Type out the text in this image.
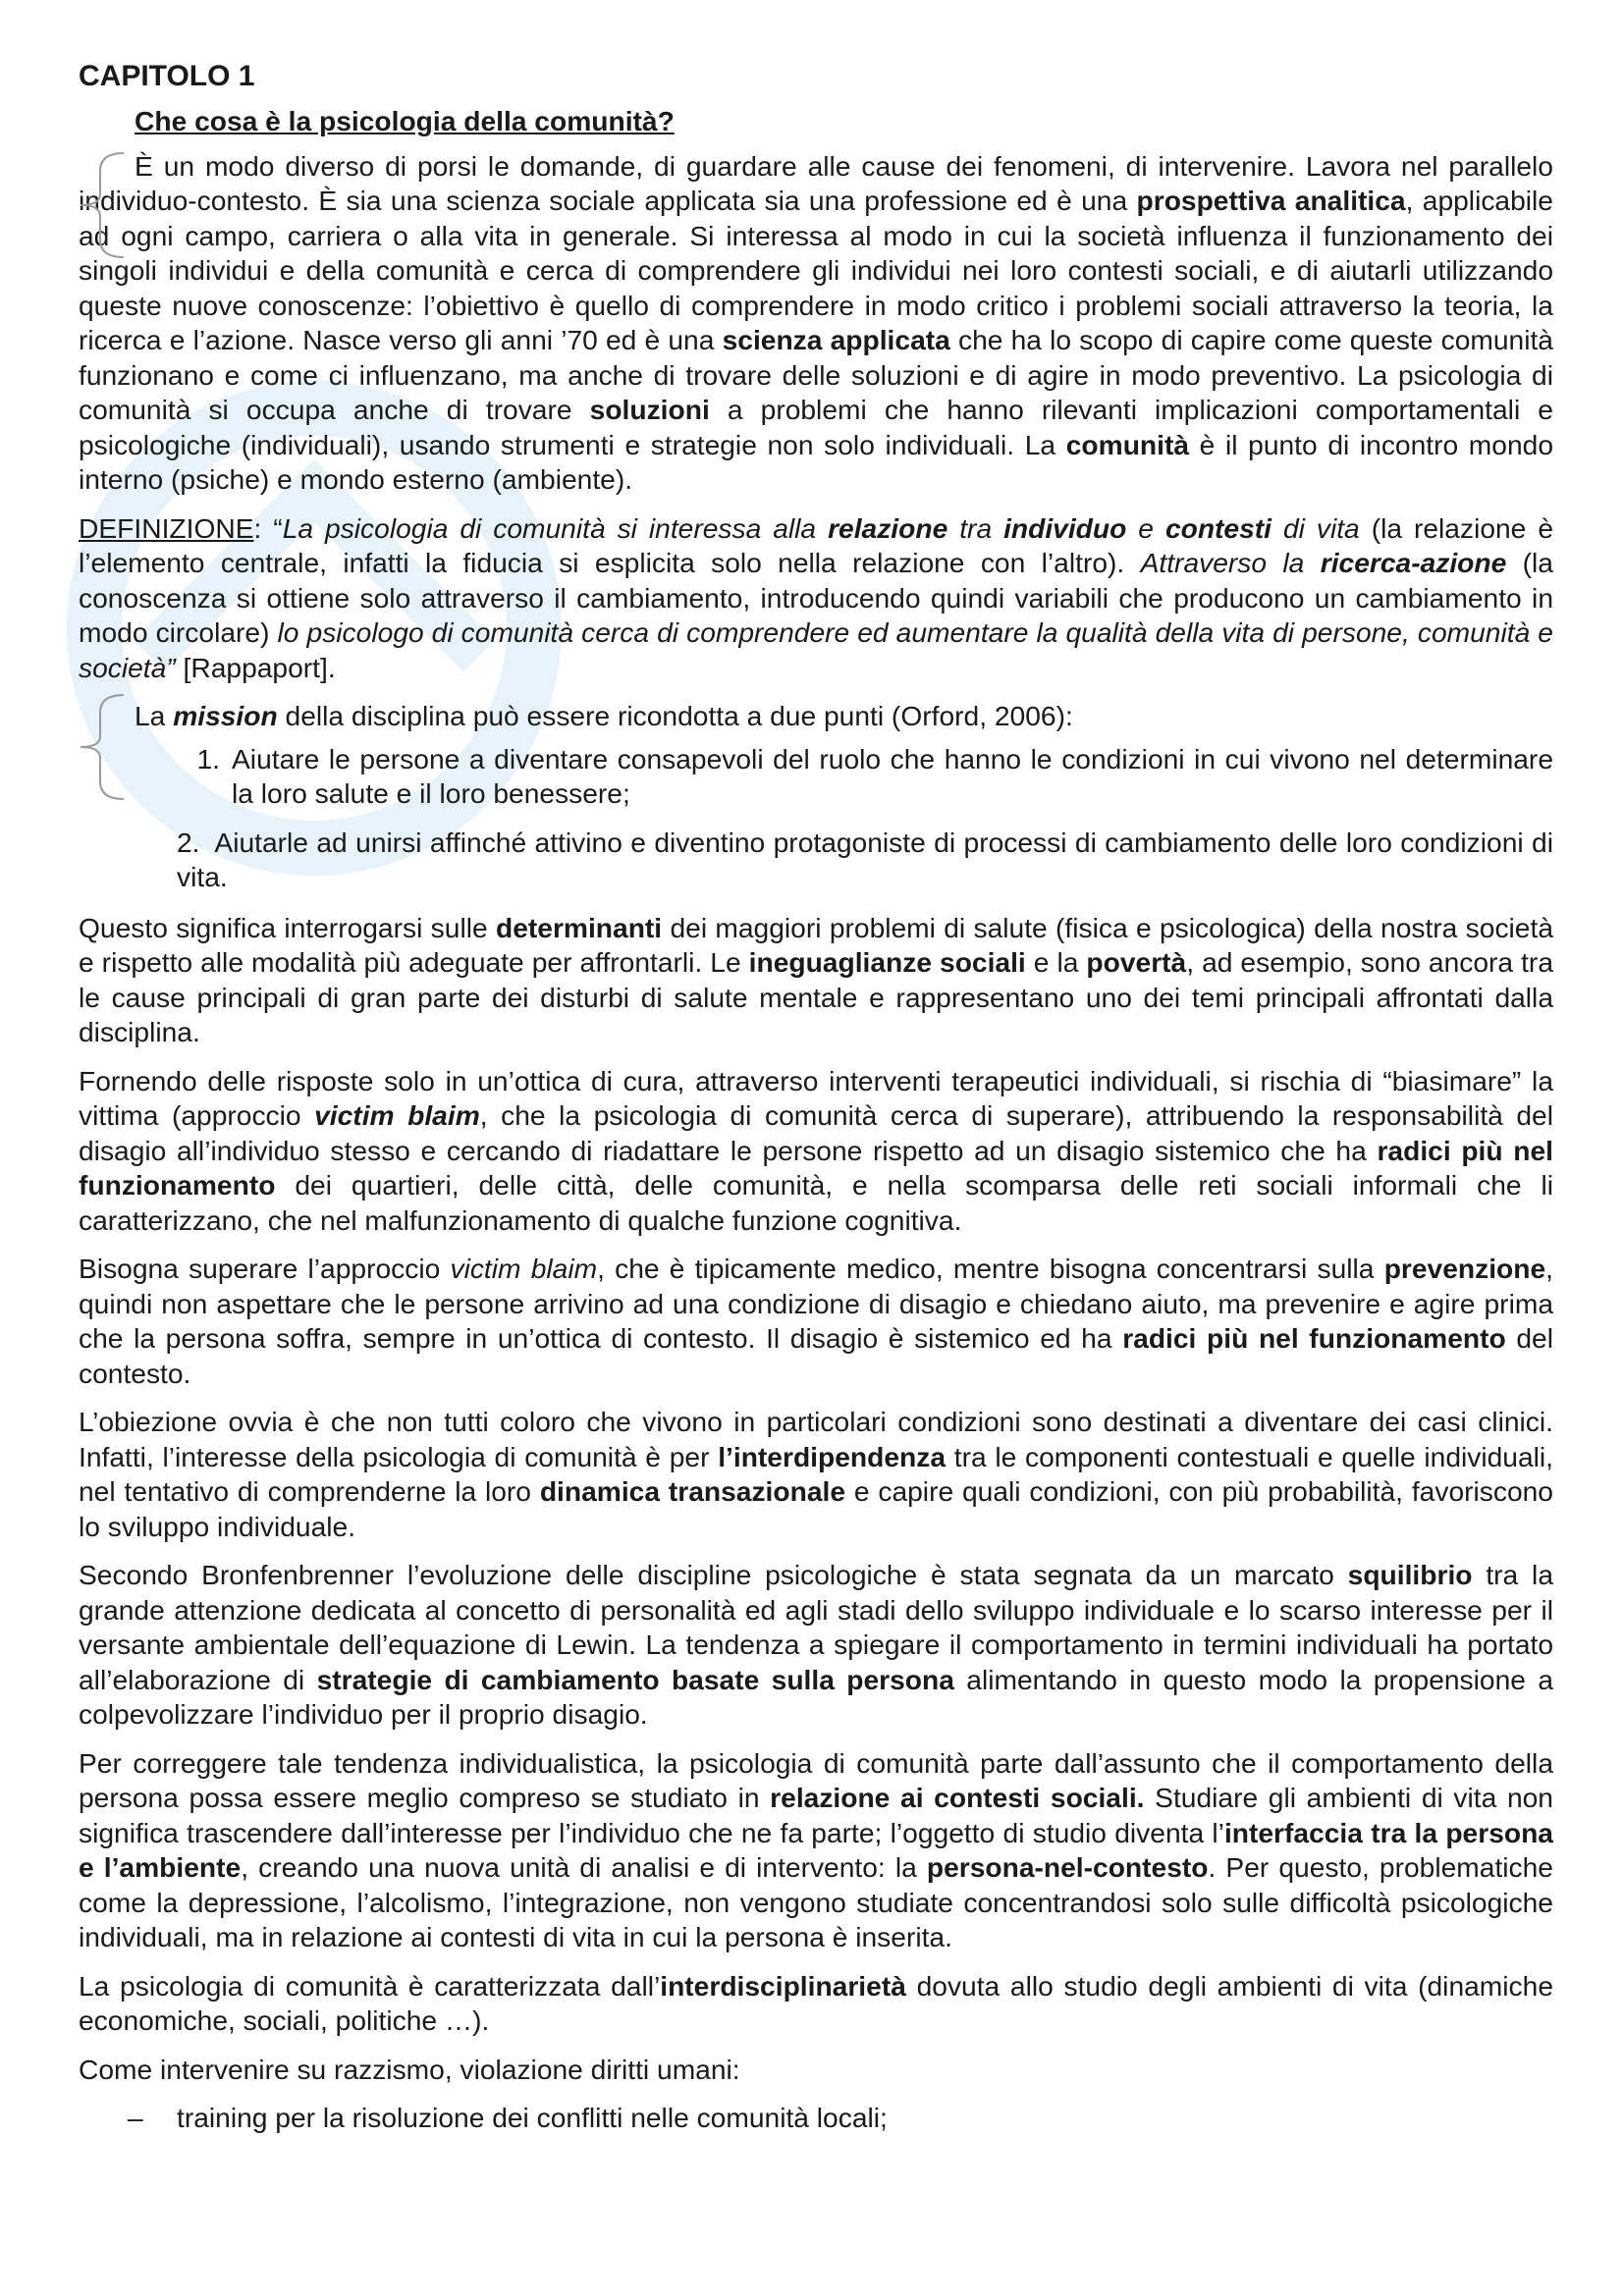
CAPITOLO 1
Che cosa è la psicologia della comunità?

È un modo diverso di porsi le domande, di guardare alle cause dei fenomeni, di intervenire. Lavora nel parallelo individuo-contesto. È sia una scienza sociale applicata sia una professione ed è una prospettiva analitica, applicabile ad ogni campo, carriera o alla vita in generale. Si interessa al modo in cui la società influenza il funzionamento dei singoli individui e della comunità e cerca di comprendere gli individui nei loro contesti sociali, e di aiutarli utilizzando queste nuove conoscenze: l’obiettivo è quello di comprendere in modo critico i problemi sociali attraverso la teoria, la ricerca e l’azione. Nasce verso gli anni ’70 ed è una scienza applicata che ha lo scopo di capire come queste comunità funzionano e come ci influenzano, ma anche di trovare delle soluzioni e di agire in modo preventivo. La psicologia di comunità si occupa anche di trovare soluzioni a problemi che hanno rilevanti implicazioni comportamentali e psicologiche (individuali), usando strumenti e strategie non solo individuali. La comunità è il punto di incontro mondo interno (psiche) e mondo esterno (ambiente).

DEFINIZIONE: “La psicologia di comunità si interessa alla relazione tra individuo e contesti di vita (la relazione è l’elemento centrale, infatti la fiducia si esplicita solo nella relazione con l’altro). Attraverso la ricerca-azione (la conoscenza si ottiene solo attraverso il cambiamento, introducendo quindi variabili che producono un cambiamento in modo circolare) lo psicologo di comunità cerca di comprendere ed aumentare la qualità della vita di persone, comunità e società” [Rappaport].

La mission della disciplina può essere ricondotta a due punti (Orford, 2006):
1. Aiutare le persone a diventare consapevoli del ruolo che hanno le condizioni in cui vivono nel determinare la loro salute e il loro benessere;
2. Aiutarle ad unirsi affinché attivino e diventino protagoniste di processi di cambiamento delle loro condizioni di vita.

Questo significa interrogarsi sulle determinanti dei maggiori problemi di salute (fisica e psicologica) della nostra società e rispetto alle modalità più adeguate per affrontarli. Le ineguaglianze sociali e la povertà, ad esempio, sono ancora tra le cause principali di gran parte dei disturbi di salute mentale e rappresentano uno dei temi principali affrontati dalla disciplina.

Fornendo delle risposte solo in un’ottica di cura, attraverso interventi terapeutici individuali, si rischia di “biasimare” la vittima (approccio victim blaim, che la psicologia di comunità cerca di superare), attribuendo la responsabilità del disagio all’individuo stesso e cercando di riadattare le persone rispetto ad un disagio sistemico che ha radici più nel funzionamento dei quartieri, delle città, delle comunità, e nella scomparsa delle reti sociali informali che li caratterizzano, che nel malfunzionamento di qualche funzione cognitiva.

Bisogna superare l’approccio victim blaim, che è tipicamente medico, mentre bisogna concentrarsi sulla prevenzione, quindi non aspettare che le persone arrivino ad una condizione di disagio e chiedano aiuto, ma prevenire e agire prima che la persona soffra, sempre in un’ottica di contesto. Il disagio è sistemico ed ha radici più nel funzionamento del contesto.

L’obiezione ovvia è che non tutti coloro che vivono in particolari condizioni sono destinati a diventare dei casi clinici. Infatti, l’interesse della psicologia di comunità è per l’interdipendenza tra le componenti contestuali e quelle individuali, nel tentativo di comprenderne la loro dinamica transazionale e capire quali condizioni, con più probabilità, favoriscono lo sviluppo individuale.

Secondo Bronfenbrenner l’evoluzione delle discipline psicologiche è stata segnata da un marcato squilibrio tra la grande attenzione dedicata al concetto di personalità ed agli stadi dello sviluppo individuale e lo scarso interesse per il versante ambientale dell’equazione di Lewin. La tendenza a spiegare il comportamento in termini individuali ha portato all’elaborazione di strategie di cambiamento basate sulla persona alimentando in questo modo la propensione a colpevolizzare l’individuo per il proprio disagio.

Per correggere tale tendenza individualistica, la psicologia di comunità parte dall’assunto che il comportamento della persona possa essere meglio compreso se studiato in relazione ai contesti sociali. Studiare gli ambienti di vita non significa trascendere dall’interesse per l’individuo che ne fa parte; l’oggetto di studio diventa l’interfaccia tra la persona e l’ambiente, creando una nuova unità di analisi e di intervento: la persona-nel-contesto. Per questo, problematiche come la depressione, l’alcolismo, l’integrazione, non vengono studiate concentrandosi solo sulle difficoltà psicologiche individuali, ma in relazione ai contesti di vita in cui la persona è inserita.

La psicologia di comunità è caratterizzata dall’interdisciplinarietà dovuta allo studio degli ambienti di vita (dinamiche economiche, sociali, politiche …).

Come intervenire su razzismo, violazione diritti umani:

–	training per la risoluzione dei conflitti nelle comunità locali;
